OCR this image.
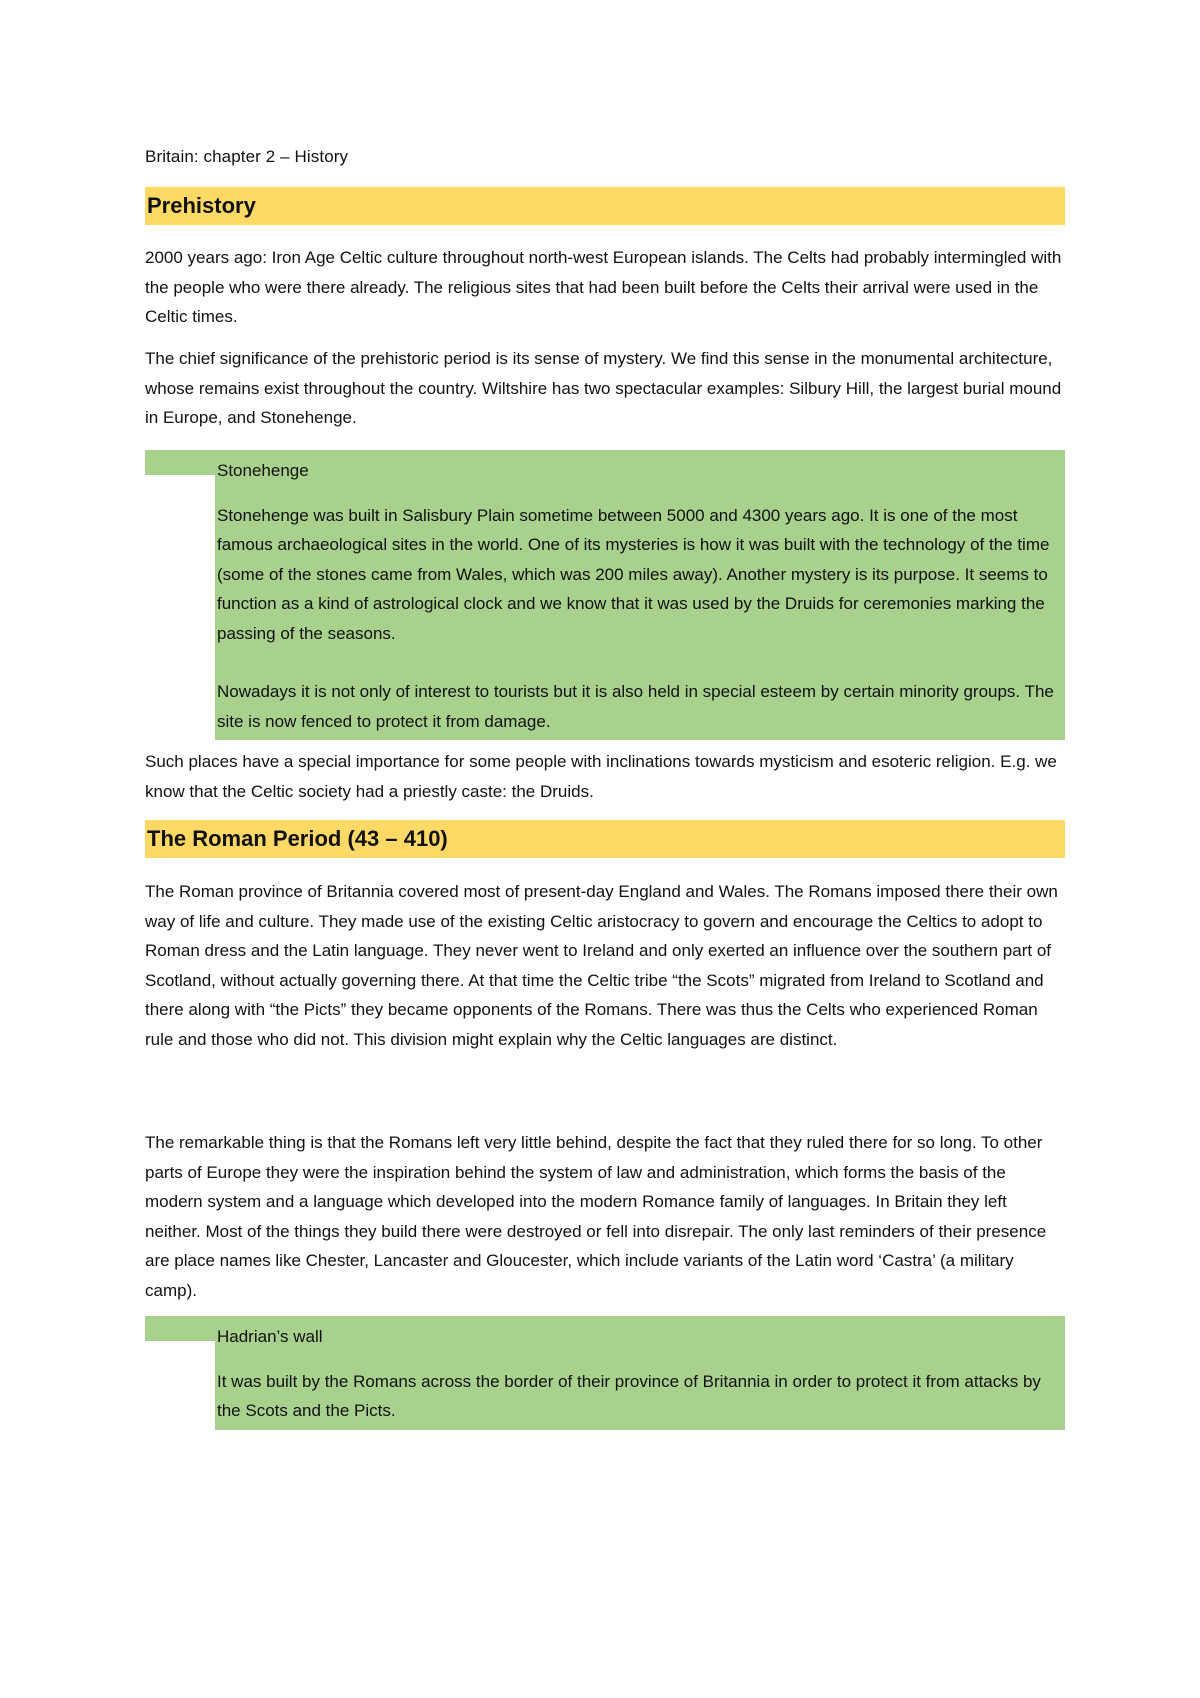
Britain: chapter 2 – History
Prehistory

2000 years ago: Iron Age Celtic culture throughout north-west European islands. The Celts had probably intermingled with the people who were there already. The religious sites that had been built before the Celts their arrival were used in the Celtic times.

The chief significance of the prehistoric period is its sense of mystery. We find this sense in the monumental architecture, whose remains exist throughout the country. Wiltshire has two spectacular examples: Silbury Hill, the largest burial mound in Europe, and Stonehenge.

Stonehenge

Stonehenge was built in Salisbury Plain sometime between 5000 and 4300 years ago. It is one of the most famous archaeological sites in the world. One of its mysteries is how it was built with the technology of the time (some of the stones came from Wales, which was 200 miles away). Another mystery is its purpose. It seems to function as a kind of astrological clock and we know that it was used by the Druids for ceremonies marking the passing of the seasons.

Nowadays it is not only of interest to tourists but it is also held in special esteem by certain minority groups. The site is now fenced to protect it from damage.

Such places have a special importance for some people with inclinations towards mysticism and esoteric religion. E.g. we know that the Celtic society had a priestly caste: the Druids.

The Roman Period (43 – 410)

The Roman province of Britannia covered most of present-day England and Wales. The Romans imposed there their own way of life and culture. They made use of the existing Celtic aristocracy to govern and encourage the Celtics to adopt to Roman dress and the Latin language. They never went to Ireland and only exerted an influence over the southern part of Scotland, without actually governing there. At that time the Celtic tribe “the Scots” migrated from Ireland to Scotland and there along with “the Picts” they became opponents of the Romans. There was thus the Celts who experienced Roman rule and those who did not. This division might explain why the Celtic languages are distinct.

The remarkable thing is that the Romans left very little behind, despite the fact that they ruled there for so long. To other parts of Europe they were the inspiration behind the system of law and administration, which forms the basis of the modern system and a language which developed into the modern Romance family of languages. In Britain they left neither. Most of the things they build there were destroyed or fell into disrepair. The only last reminders of their presence are place names like Chester, Lancaster and Gloucester, which include variants of the Latin word ‘Castra’ (a military camp).

Hadrian’s wall

It was built by the Romans across the border of their province of Britannia in order to protect it from attacks by the Scots and the Picts.
